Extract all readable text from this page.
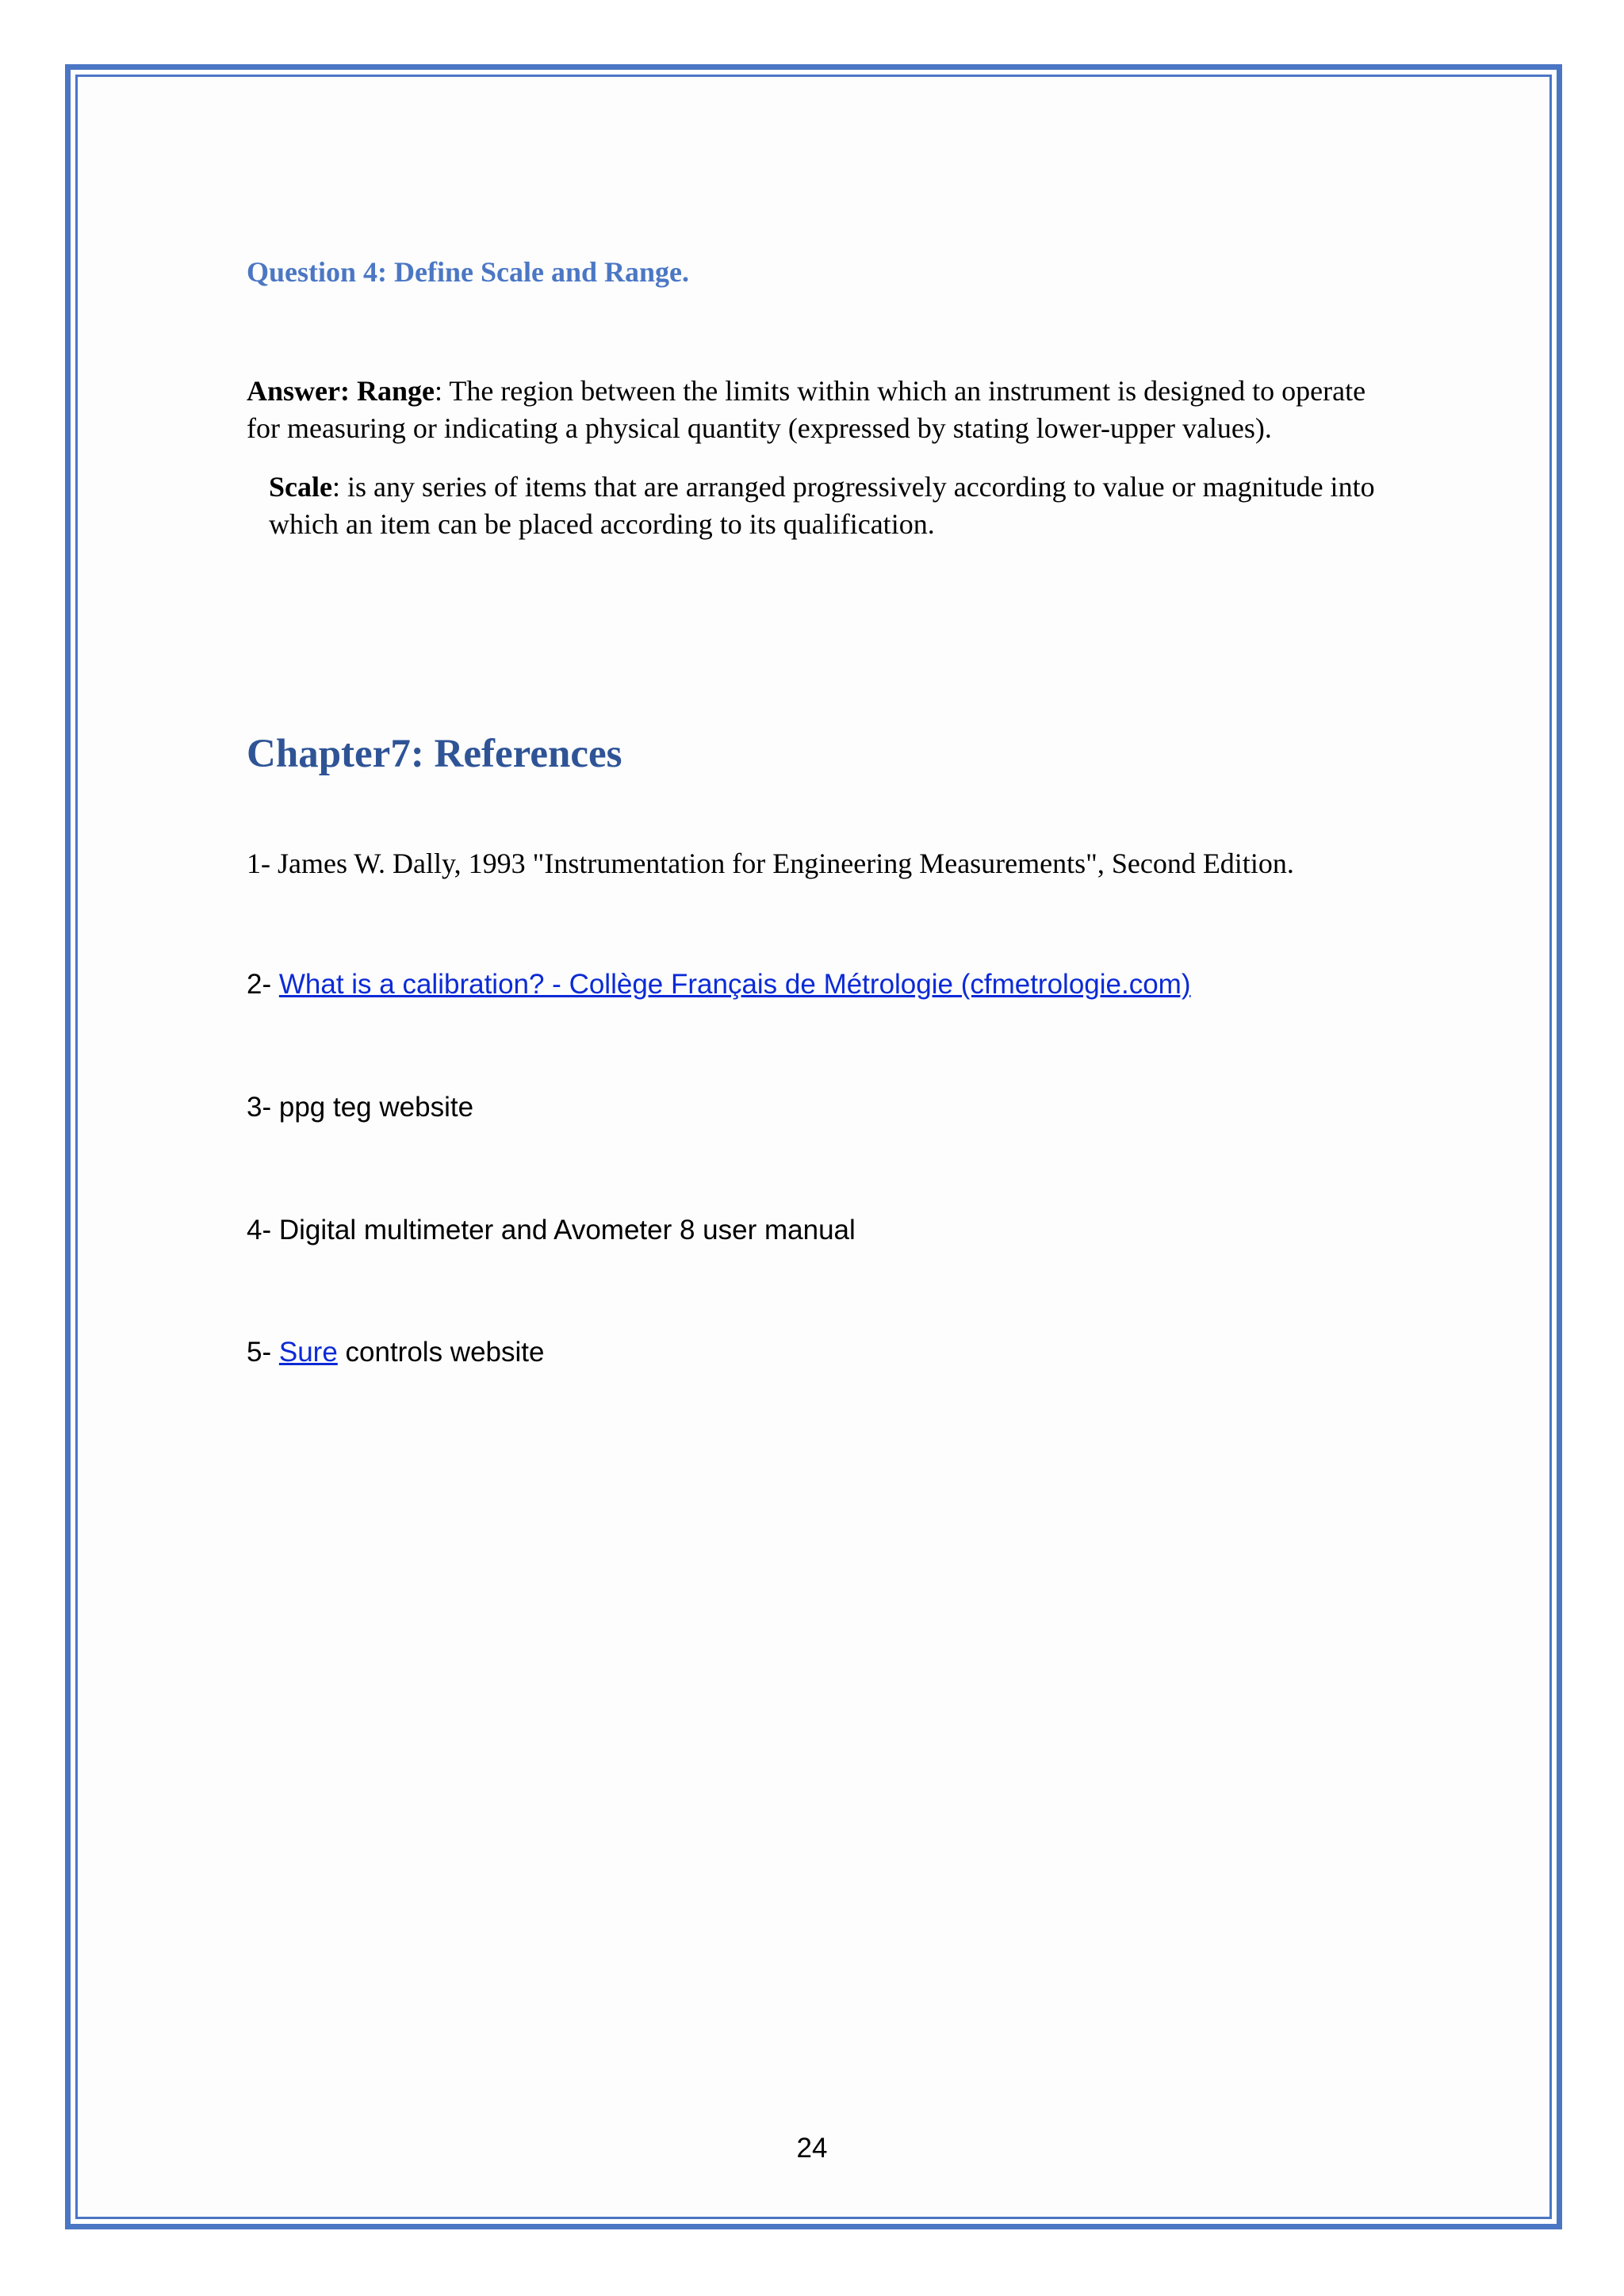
Question 4: Define Scale and Range.

Answer: Range: The region between the limits within which an instrument is designed to operate for measuring or indicating a physical quantity (expressed by stating lower-upper values).

Scale: is any series of items that are arranged progressively according to value or magnitude into which an item can be placed according to its qualification.

Chapter7: References
1- James W. Dally, 1993 "Instrumentation for Engineering Measurements", Second Edition.
2- What is a calibration? - Collège Français de Métrologie (cfmetrologie.com)
3- ppg teg website
4- Digital multimeter and Avometer 8 user manual
5- Sure controls website
24
